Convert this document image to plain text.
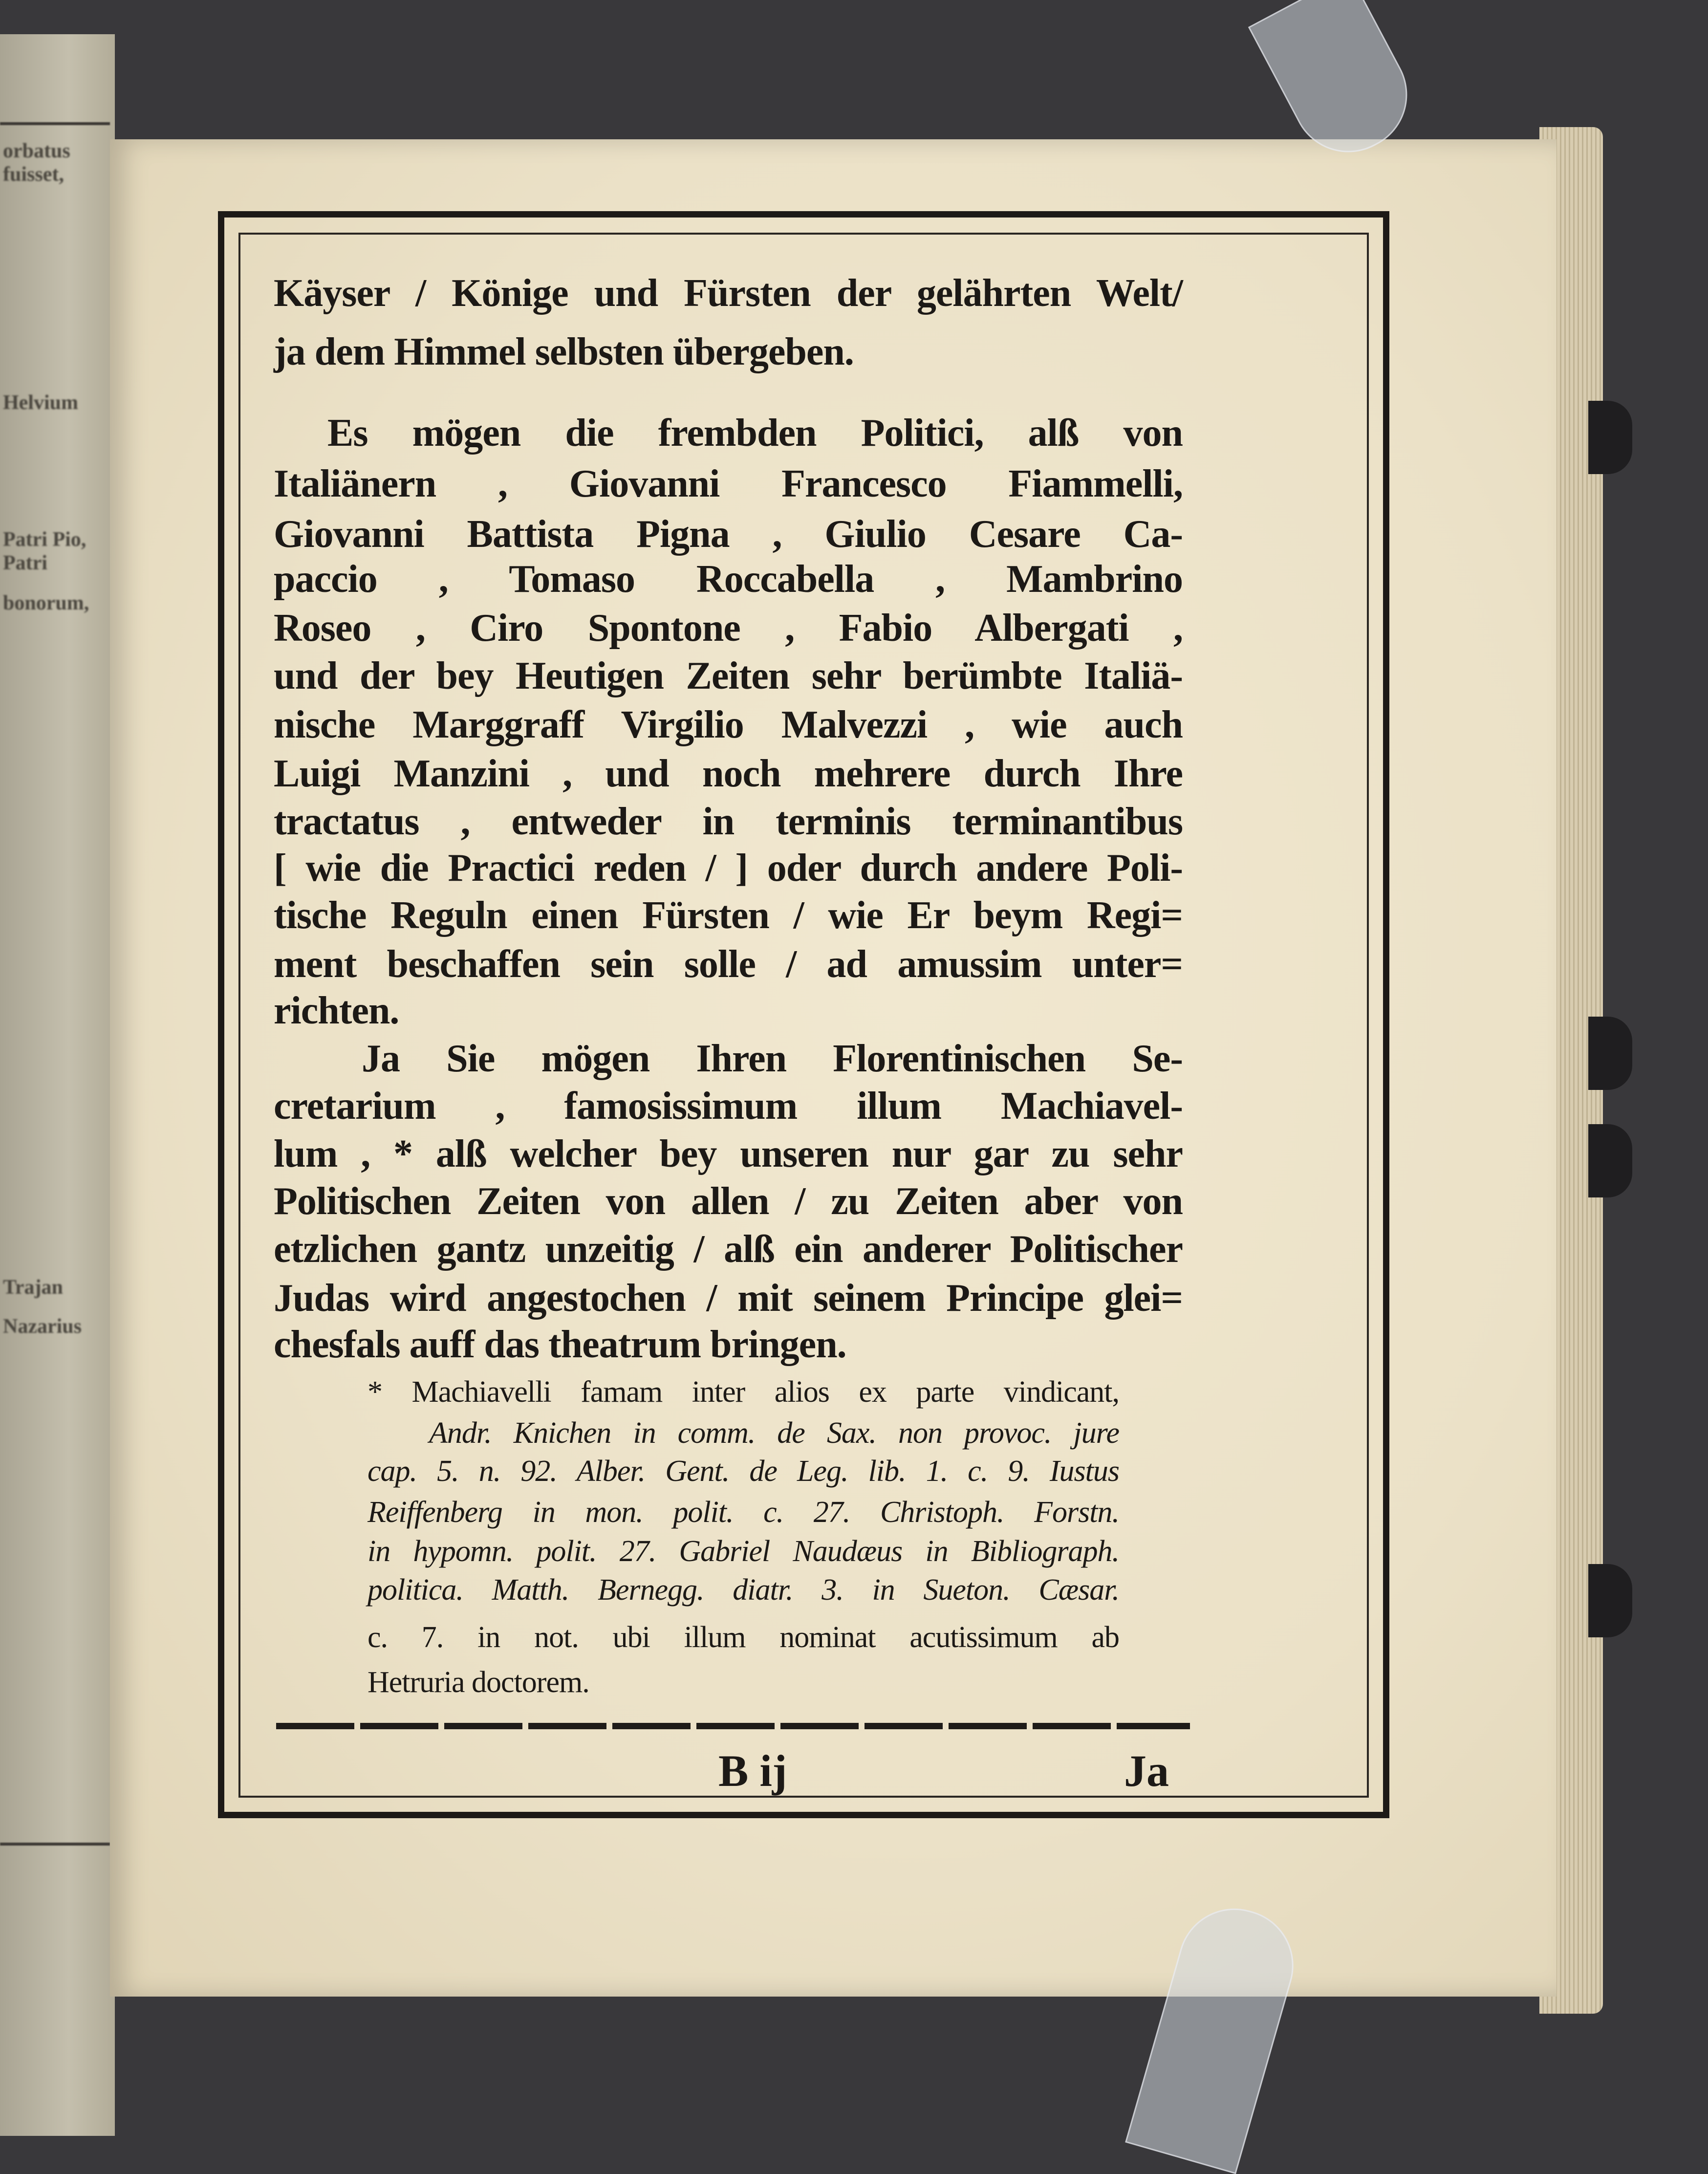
orbatus fuisset,
Helvium
Patri Pio, Patri
bonorum,
Nazarius
Trajan
Käyser / Könige und Fürsten der gelährten Welt/
ja dem Himmel selbsten übergeben.
Es mögen die frembden Politici, alß von
Italiänern , Giovanni Francesco Fiammelli,
Giovanni Battista Pigna , Giulio Cesare Ca-
paccio , Tomaso Roccabella , Mambrino
Roseo , Ciro Spontone , Fabio Albergati ,
und der bey Heutigen Zeiten sehr berümbte Italiä-
nische Marggraff Virgilio Malvezzi , wie auch
Luigi Manzini , und noch mehrere durch Ihre
tractatus , entweder in terminis terminantibus
[ wie die Practici reden / ] oder durch andere Poli-
tische Reguln einen Fürsten / wie Er beym Regi=
ment beschaffen sein solle / ad amussim unter=
richten.
Ja Sie mögen Ihren Florentinischen Se-
cretarium , famosissimum illum Machiavel-
lum , * alß welcher bey unseren nur gar zu sehr
Politischen Zeiten von allen / zu Zeiten aber von
etzlichen gantz unzeitig / alß ein anderer Politischer
Judas wird angestochen / mit seinem Principe glei=
chesfals auff das theatrum bringen.
* Machiavelli famam inter alios ex parte vindicant,
Andr. Knichen in comm. de Sax. non provoc. jure
cap. 5. n. 92. Alber. Gent. de Leg. lib. 1. c. 9. Iustus
Reiffenberg in mon. polit. c. 27. Christoph. Forstn.
in hypomn. polit. 27. Gabriel Naudæus in Bibliograph.
politica. Matth. Bernegg. diatr. 3. in Sueton. Cæsar.
c. 7. in not. ubi illum nominat acutissimum ab
Hetruria doctorem.
B ij	Ja
